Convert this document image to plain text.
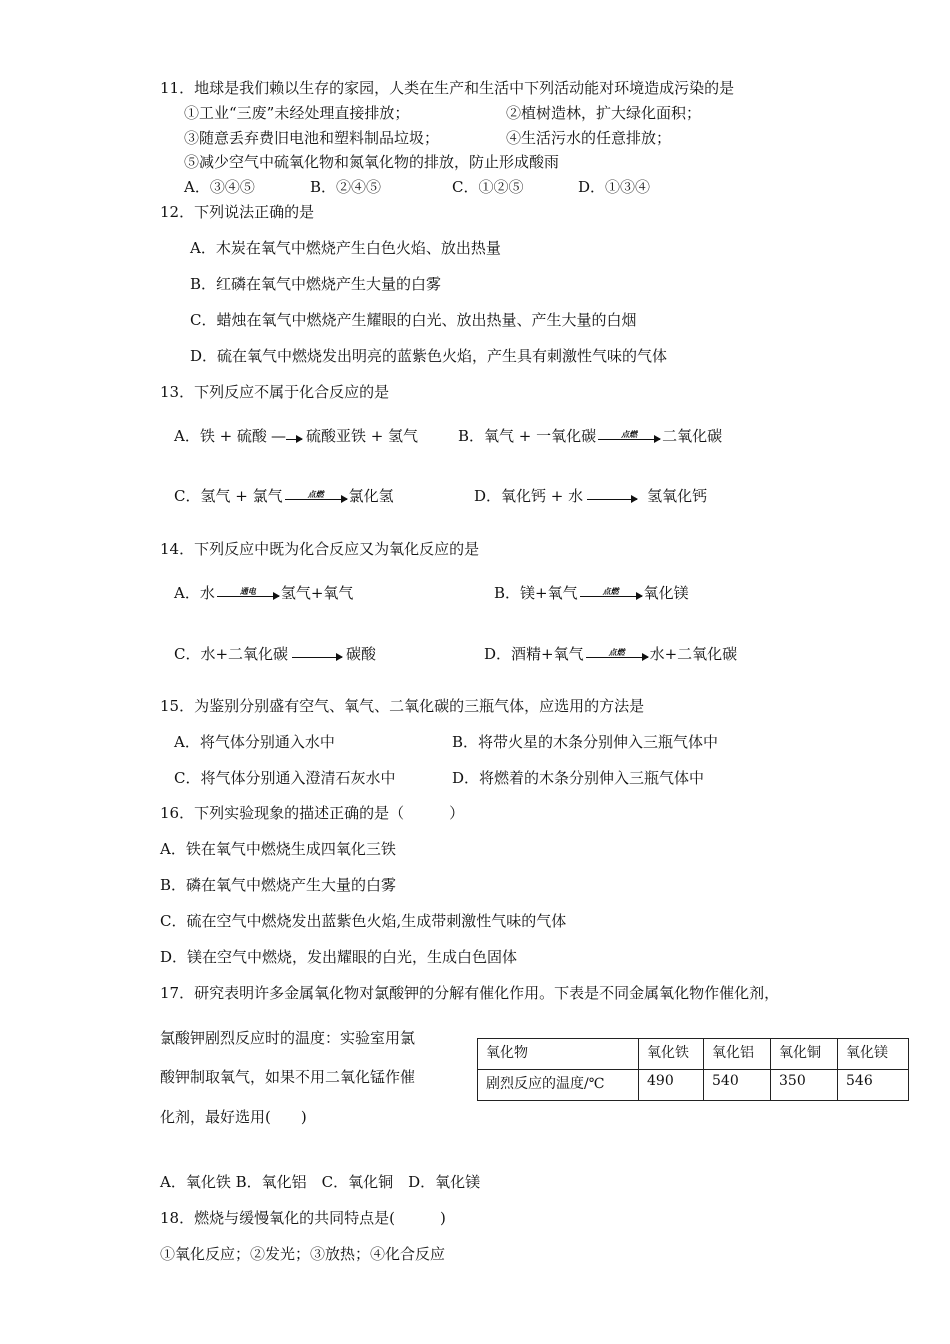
11．地球是我们赖以生存的家园，人类在生产和生活中下列活动能对环境造成污染的是
①工业“三废”未经处理直接排放；	②植树造林，扩大绿化面积；
③随意丢弃费旧电池和塑料制品垃圾；	④生活污水的任意排放；
⑤减少空气中硫氧化物和氮氧化物的排放，防止形成酸雨
A．③④⑤	B．②④⑤	C．①②⑤	D．①③④
12．下列说法正确的是
A．木炭在氧气中燃烧产生白色火焰、放出热量
B．红磷在氧气中燃烧产生大量的白雾
C．蜡烛在氧气中燃烧产生耀眼的白光、放出热量、产生大量的白烟
D．硫在氧气中燃烧发出明亮的蓝紫色火焰，产生具有刺激性气味的气体
13．下列反应不属于化合反应的是
A．铁 + 硫酸 — 硫酸亚铁 + 氢气	B．氧气 + 一氧化碳	点燃 二氧化碳
C．氢气 + 氯气	点燃 氯化氢	D．氧化钙 + 水	氢氧化钙
14．下列反应中既为化合反应又为氧化反应的是
A．水	通电 氢气+氧气	B．镁+氧气	点燃 氧化镁
C．水+二氧化碳	碳酸	D．酒精+氧气	点燃 水+二氧化碳
15．为鉴别分别盛有空气、氧气、二氧化碳的三瓶气体，应选用的方法是
A．将气体分别通入水中	B．将带火星的木条分别伸入三瓶气体中
C．将气体分别通入澄清石灰水中	D．将燃着的木条分别伸入三瓶气体中
16．下列实验现象的描述正确的是（　　　）
A．铁在氧气中燃烧生成四氧化三铁
B．磷在氧气中燃烧产生大量的白雾
C．硫在空气中燃烧发出蓝紫色火焰,生成带刺激性气味的气体
D．镁在空气中燃烧，发出耀眼的白光，生成白色固体
17．研究表明许多金属氧化物对氯酸钾的分解有催化作用。下表是不同金属氧化物作催化剂，
氯酸钾剧烈反应时的温度：实验室用氯
酸钾制取氧气，如果不用二氧化锰作催
化剂，最好选用(　　)
氧化物	氧化铁	氧化铝	氧化铜	氧化镁
剧烈反应的温度/℃	490	540	350	546
A．氧化铁 B．氧化铝　C．氧化铜　D．氧化镁
18．燃烧与缓慢氧化的共同特点是(　　　)
①氧化反应；②发光；③放热；④化合反应
